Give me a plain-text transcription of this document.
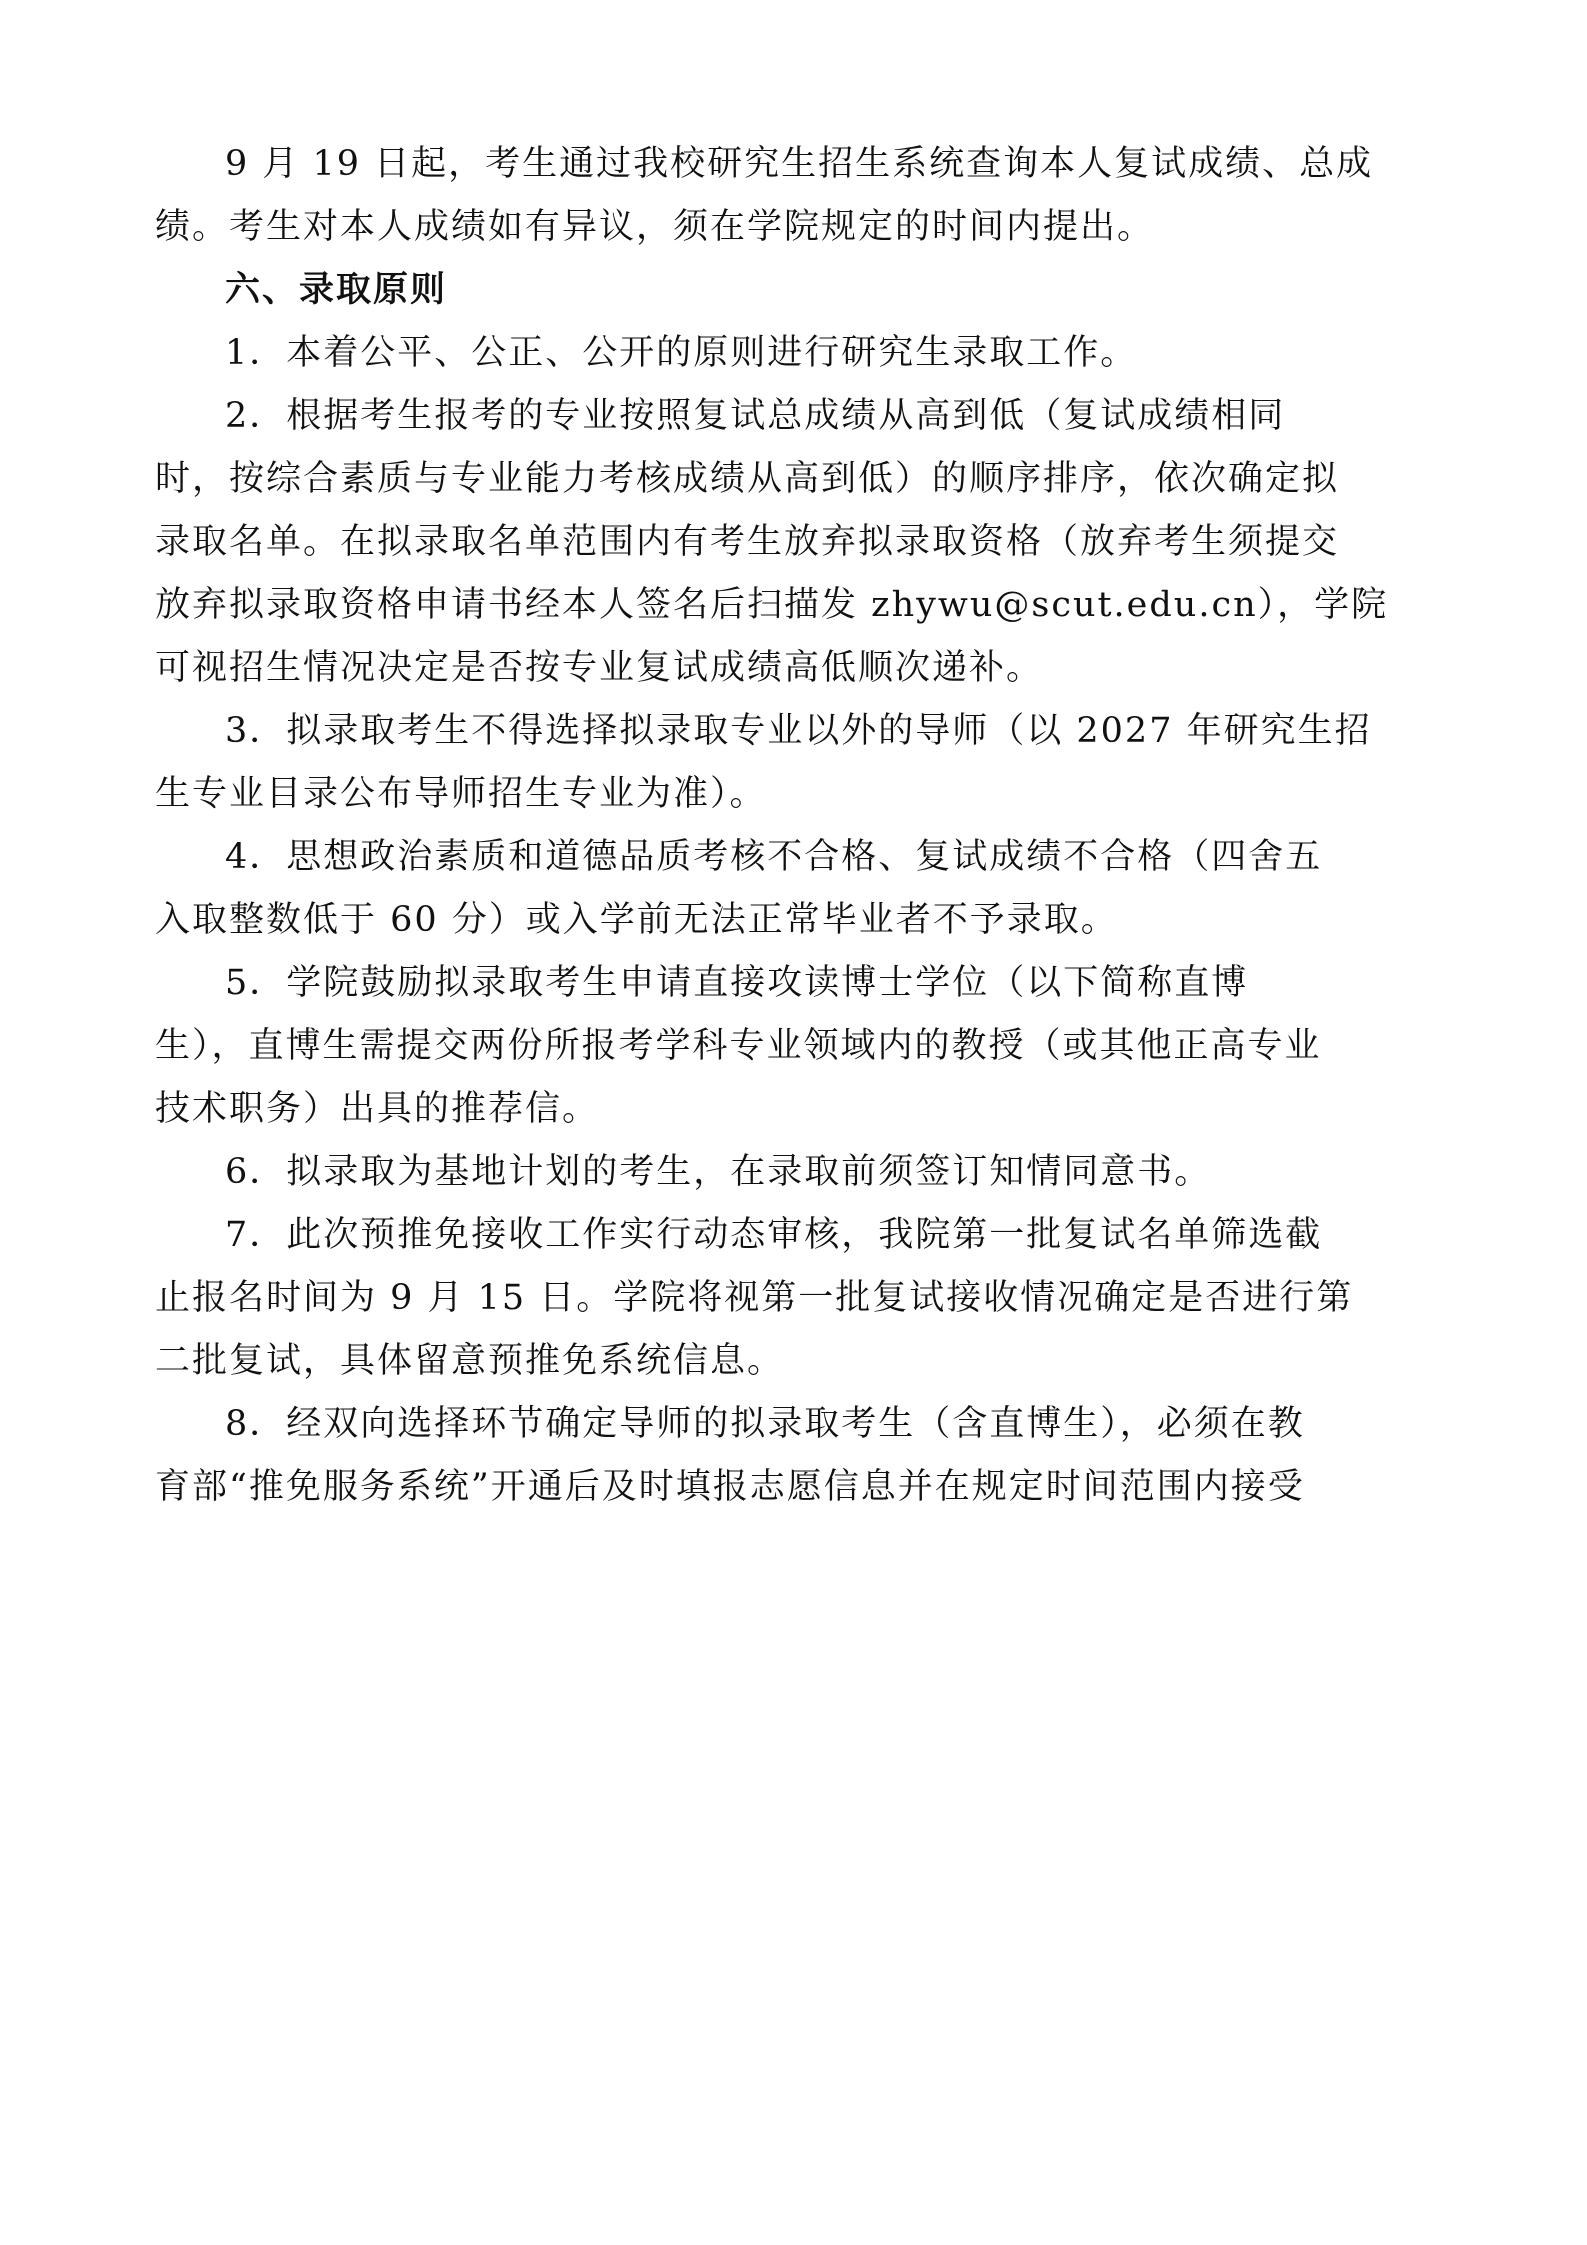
9 月 19 日起，考生通过我校研究生招生系统查询本人复试成绩、总成
绩。考生对本人成绩如有异议，须在学院规定的时间内提出。
六、录取原则
1．本着公平、公正、公开的原则进行研究生录取工作。
2．根据考生报考的专业按照复试总成绩从高到低（复试成绩相同
时，按综合素质与专业能力考核成绩从高到低）的顺序排序，依次确定拟
录取名单。在拟录取名单范围内有考生放弃拟录取资格（放弃考生须提交
放弃拟录取资格申请书经本人签名后扫描发 zhywu@scut.edu.cn），学院
可视招生情况决定是否按专业复试成绩高低顺次递补。
3．拟录取考生不得选择拟录取专业以外的导师（以 2027 年研究生招
生专业目录公布导师招生专业为准）。
4．思想政治素质和道德品质考核不合格、复试成绩不合格（四舍五
入取整数低于 60 分）或入学前无法正常毕业者不予录取。
5．学院鼓励拟录取考生申请直接攻读博士学位（以下简称直博
生），直博生需提交两份所报考学科专业领域内的教授（或其他正高专业
技术职务）出具的推荐信。
6．拟录取为基地计划的考生，在录取前须签订知情同意书。
7．此次预推免接收工作实行动态审核，我院第一批复试名单筛选截
止报名时间为 9 月 15 日。学院将视第一批复试接收情况确定是否进行第
二批复试，具体留意预推免系统信息。
8．经双向选择环节确定导师的拟录取考生（含直博生），必须在教
育部“推免服务系统”开通后及时填报志愿信息并在规定时间范围内接受
